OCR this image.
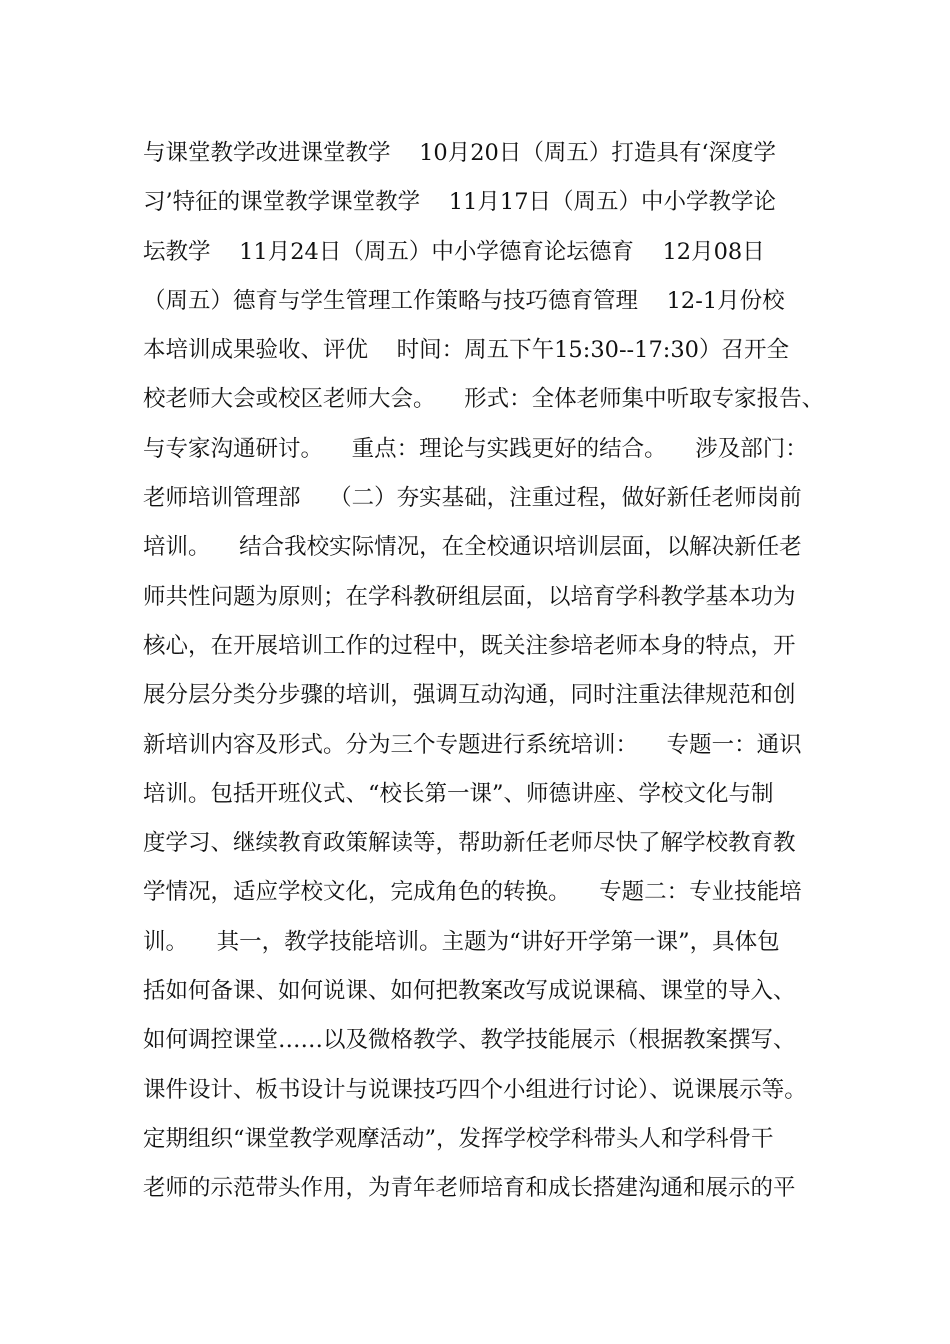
与课堂教学改进课堂教学    10月20日（周五）打造具有‘深度学
习’特征的课堂教学课堂教学    11月17日（周五）中小学教学论
坛教学    11月24日（周五）中小学德育论坛德育    12月08日
（周五）德育与学生管理工作策略与技巧德育管理    12-1月份校
本培训成果验收、评优    时间：周五下午15:30--17:30）召开全
校老师大会或校区老师大会。    形式：全体老师集中听取专家报告、
与专家沟通研讨。    重点：理论与实践更好的结合。    涉及部门：
老师培训管理部    （二）夯实基础，注重过程，做好新任老师岗前
培训。    结合我校实际情况，在全校通识培训层面，以解决新任老
师共性问题为原则；在学科教研组层面，以培育学科教学基本功为
核心，在开展培训工作的过程中，既关注参培老师本身的特点，开
展分层分类分步骤的培训，强调互动沟通，同时注重法律规范和创
新培训内容及形式。分为三个专题进行系统培训：    专题一：通识
培训。包括开班仪式、“校长第一课”、师德讲座、学校文化与制
度学习、继续教育政策解读等，帮助新任老师尽快了解学校教育教
学情况，适应学校文化，完成角色的转换。    专题二：专业技能培
训。    其一，教学技能培训。主题为“讲好开学第一课”，具体包
括如何备课、如何说课、如何把教案改写成说课稿、课堂的导入、
如何调控课堂……以及微格教学、教学技能展示（根据教案撰写、
课件设计、板书设计与说课技巧四个小组进行讨论）、说课展示等。
定期组织“课堂教学观摩活动”，发挥学校学科带头人和学科骨干
老师的示范带头作用，为青年老师培育和成长搭建沟通和展示的平
